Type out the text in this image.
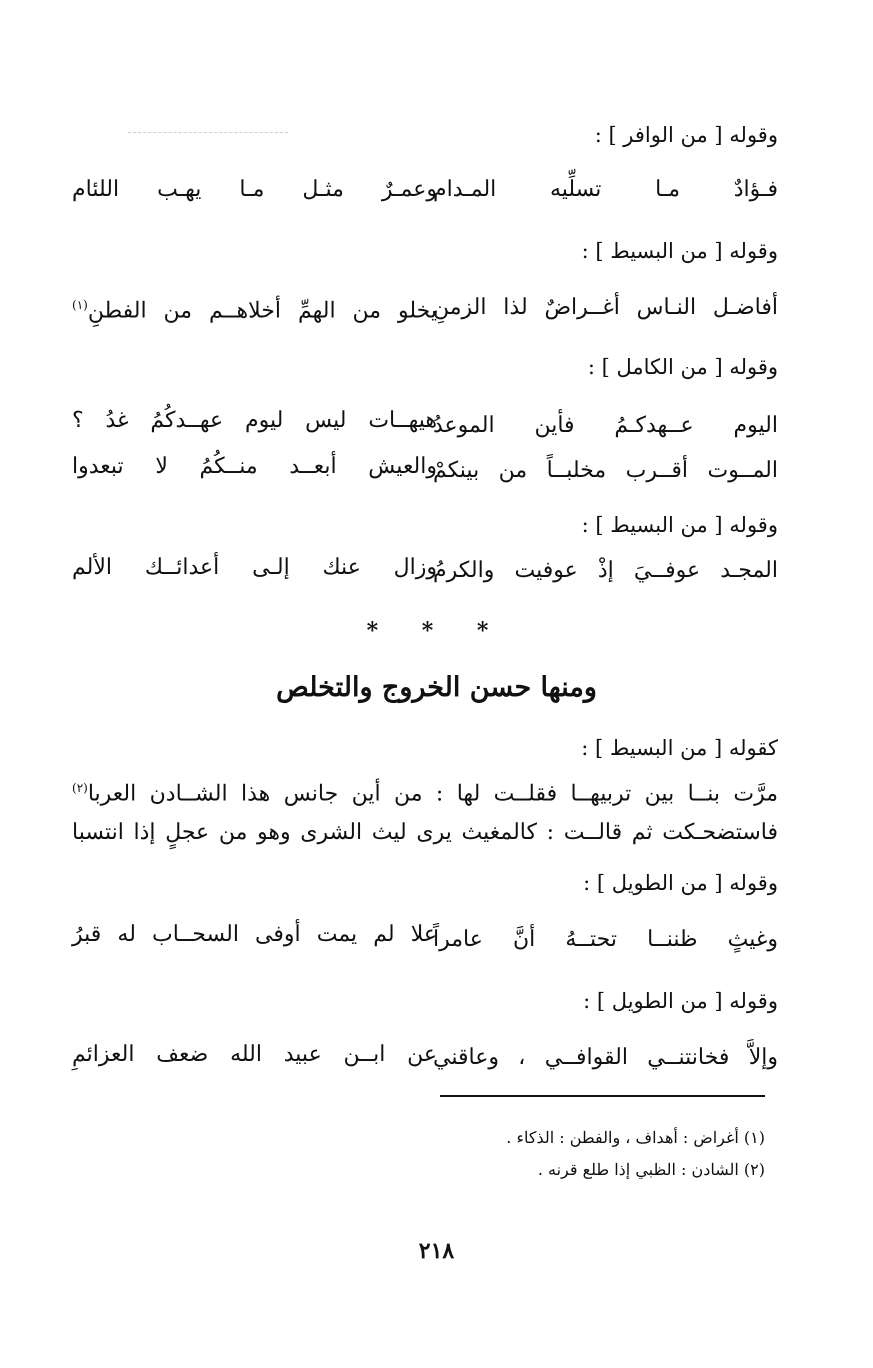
وقوله [ من الوافر ] :
فـؤادٌ مـا تسلِّيه المـدام
وعمـرٌ مثـل مـا يهـب اللئام
وقوله [ من البسيط ] :
أفاضـل النـاس أغــراضٌ لذا الزمنِ
يخلو من الهمِّ أخلاهــم من الفطنِ$^{(١)}$
وقوله [ من الكامل ] :
اليوم عــهدكـمُ فأين الموعدُ
هيهــات ليس ليوم عهــدكُمُ غدُ ؟
المــوت أقــرب مخلبــاً من بينكمْ
والعيش أبعــد منــكُمُ لا تبعدوا
وقوله [ من البسيط ] :
المجـد عوفــيَ إذْ عوفيت والكرمُ
وزال عنك إلـى أعدائــك الألم
* * *
ومنها حسن الخروج والتخلص
كقوله [ من البسيط ] :
مرَّت بنــا بين تربيهــا فقلــت لها : من أين جانس هذا الشــادن العربا$^{(٢)}$
فاستضحـكت ثم قالــت : كالمغيث يرى ليث الشرى وهو من عجلٍ إذا انتسبا
وقوله [ من الطويل ] :
وغيثٍ ظننــا تحتــهُ أنَّ عامراً
علا لم يمت أوفى السحــاب له قبرُ
وقوله [ من الطويل ] :
وإلاَّ فخانتنــي القوافــي ، وعاقني
عن ابــن عبيد الله ضعف العزائمِ
(١) أغراض : أهداف ، والفطن : الذكاء .
(٢) الشادن : الظبي إذا طلع قرنه .
٢١٨
